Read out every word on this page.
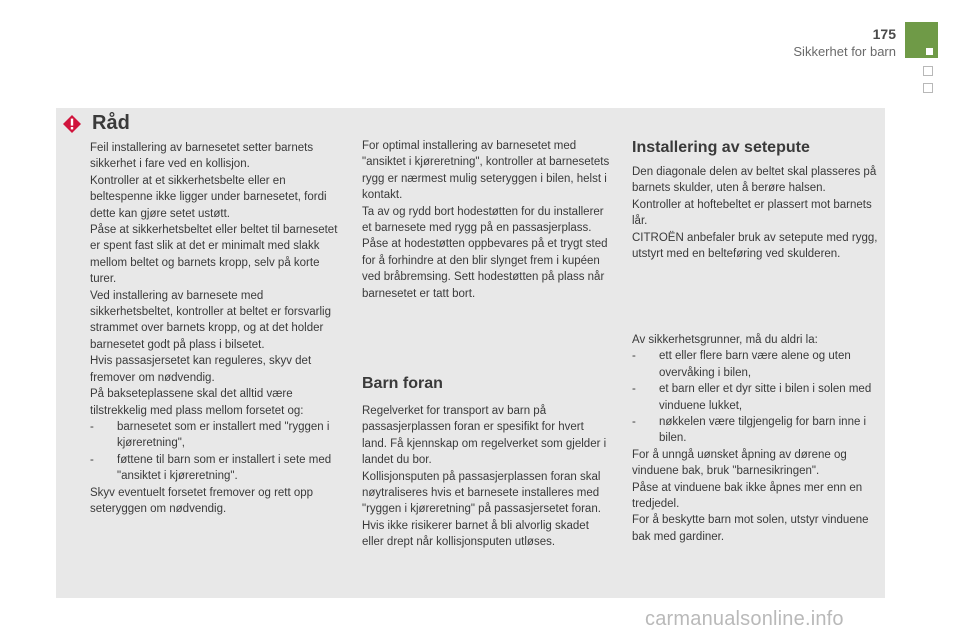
175
Sikkerhet for barn
Råd
Feil installering av barnesetet setter barnets sikkerhet i fare ved en kollisjon.
Kontroller at et sikkerhetsbelte eller en beltespenne ikke ligger under barnesetet, fordi dette kan gjøre setet ustøtt.
Påse at sikkerhetsbeltet eller beltet til barnesetet er spent fast slik at det er minimalt med slakk mellom beltet og barnets kropp, selv på korte turer.
Ved installering av barnesete med sikkerhetsbeltet, kontroller at beltet er forsvarlig strammet over barnets kropp, og at det holder barnesetet godt på plass i bilsetet.
Hvis passasjersetet kan reguleres, skyv det fremover om nødvendig.
På bakseteplassene skal det alltid være tilstrekkelig med plass mellom forsetet og:
- barnesetet som er installert med "ryggen i kjøreretning",
- føttene til barn som er installert i sete med "ansiktet i kjøreretning".
Skyv eventuelt forsetet fremover og rett opp seteryggen om nødvendig.
For optimal installering av barnesetet med "ansiktet i kjøreretning", kontroller at barnesetets rygg er nærmest mulig seteryggen i bilen, helst i kontakt.
Ta av og rydd bort hodestøtten for du installerer et barnesete med rygg på en passasjerplass.
Påse at hodestøtten oppbevares på et trygt sted for å forhindre at den blir slynget frem i kupéen ved bråbremsing. Sett hodestøtten på plass når barnesetet er tatt bort.
Barn foran
Regelverket for transport av barn på passasjerplassen foran er spesifikt for hvert land. Få kjennskap om regelverket som gjelder i landet du bor.
Kollisjonsputen på passasjerplassen foran skal nøytraliseres hvis et barnesete installeres med "ryggen i kjøreretning" på passasjersetet foran.
Hvis ikke risikerer barnet å bli alvorlig skadet eller drept når kollisjonsputen utløses.
Installering av setepute
Den diagonale delen av beltet skal plasseres på barnets skulder, uten å berøre halsen.
Kontroller at hoftebeltet er plassert mot barnets lår.
CITROËN anbefaler bruk av setepute med rygg, utstyrt med en belteføring ved skulderen.
Av sikkerhetsgrunner, må du aldri la:
- ett eller flere barn være alene og uten overvåking i bilen,
- et barn eller et dyr sitte i bilen i solen med vinduene lukket,
- nøkkelen være tilgjengelig for barn inne i bilen.
For å unngå uønsket åpning av dørene og vinduene bak, bruk "barnesikringen".
Påse at vinduene bak ikke åpnes mer enn en tredjedel.
For å beskytte barn mot solen, utstyr vinduene bak med gardiner.
carmanualsonline.info
